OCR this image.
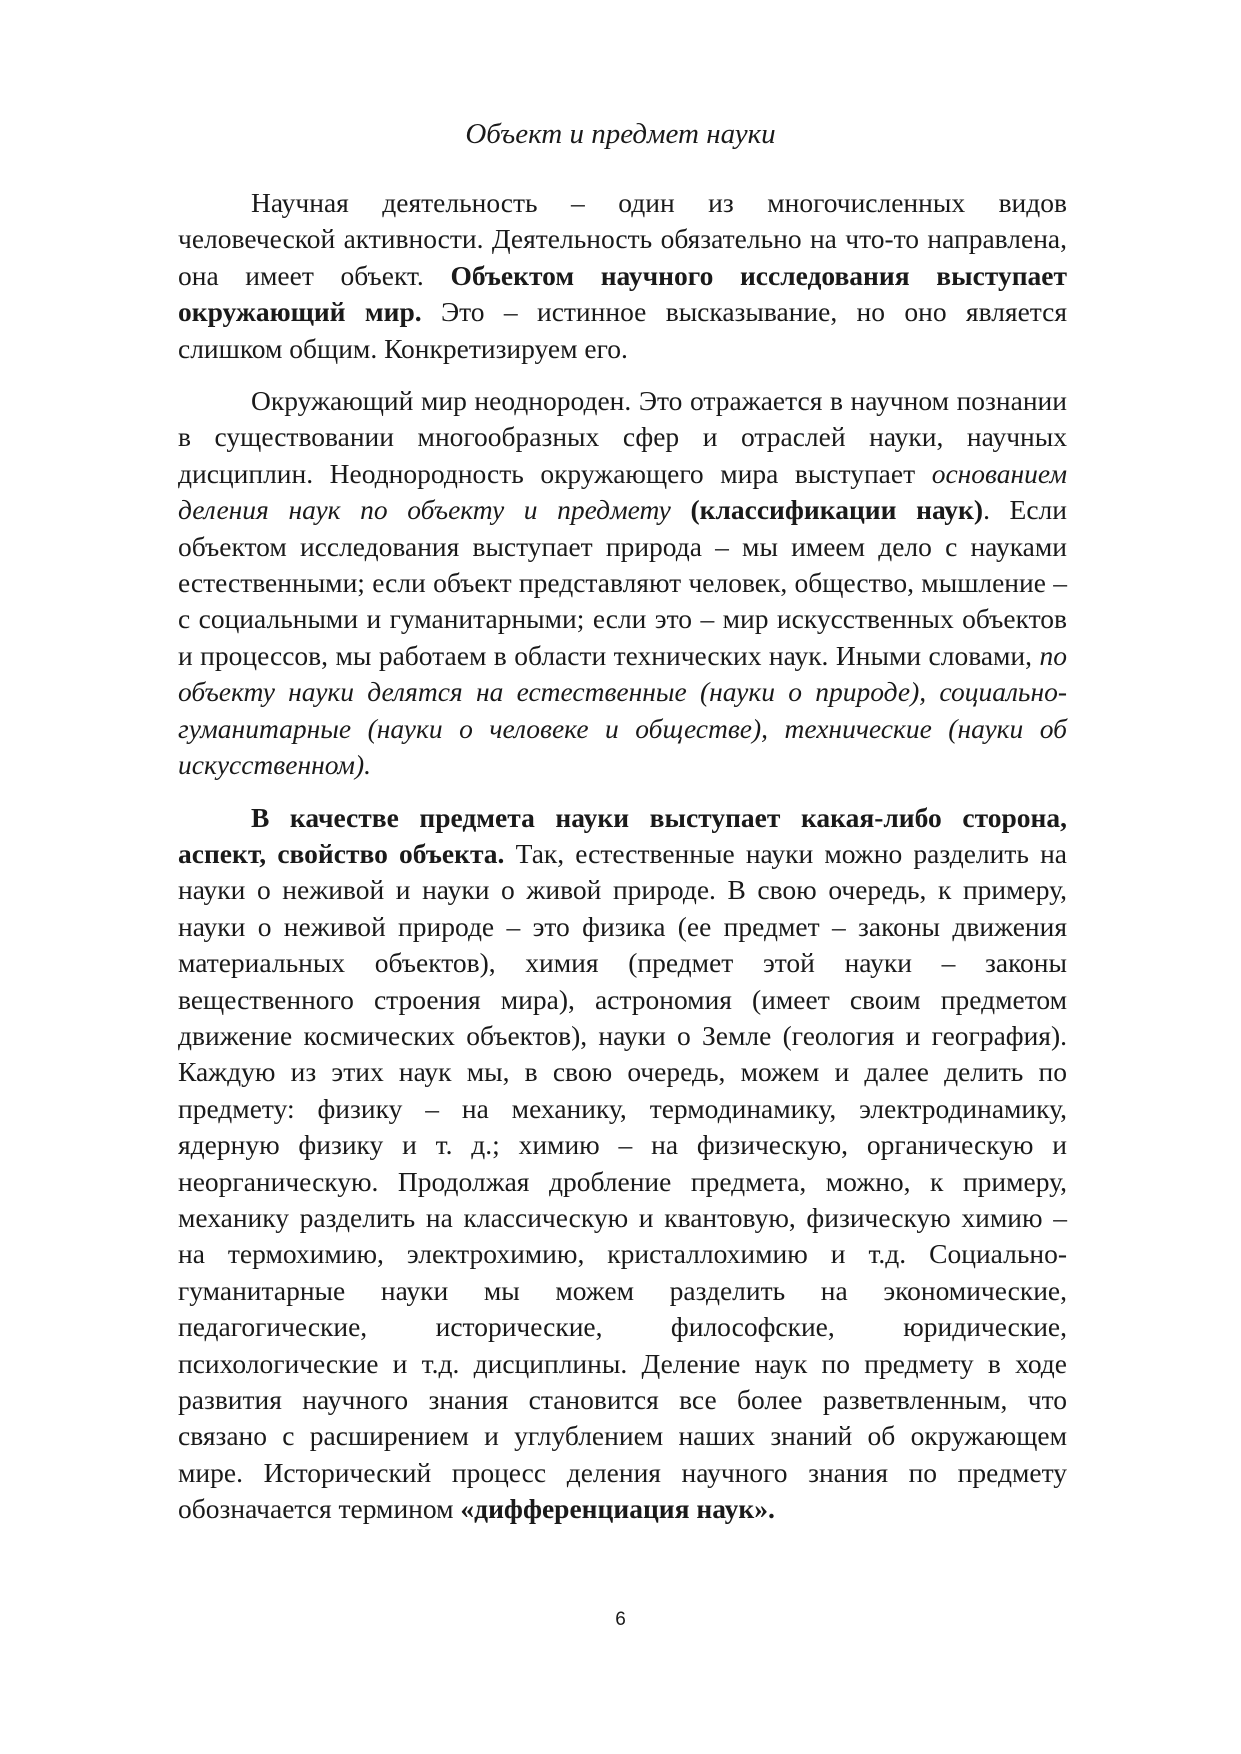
Объект и предмет науки

Научная деятельность – один из многочисленных видов человеческой активности. Деятельность обязательно на что-то направлена, она имеет объект. Объектом научного исследования выступает окружающий мир. Это – истинное высказывание, но оно является слишком общим. Конкретизируем его.

Окружающий мир неоднороден. Это отражается в научном познании в существовании многообразных сфер и отраслей науки, научных дисциплин. Неоднородность окружающего мира выступает основанием деления наук по объекту и предмету (классификации наук). Если объектом исследования выступает природа – мы имеем дело с науками естественными; если объект представляют человек, общество, мышление – с социальными и гуманитарными; если это – мир искусственных объектов и процессов, мы работаем в области технических наук. Иными словами, по объекту науки делятся на естественные (науки о природе), социально-гуманитарные (науки о человеке и обществе), технические (науки об искусственном).

В качестве предмета науки выступает какая-либо сторона, аспект, свойство объекта. Так, естественные науки можно разделить на науки о неживой и науки о живой природе. В свою очередь, к примеру, науки о неживой природе – это физика (ее предмет – законы движения материальных объектов), химия (предмет этой науки – законы вещественного строения мира), астрономия (имеет своим предметом движение космических объектов), науки о Земле (геология и география). Каждую из этих наук мы, в свою очередь, можем и далее делить по предмету: физику – на механику, термодинамику, электродинамику, ядерную физику и т. д.; химию – на физическую, органическую и неорганическую. Продолжая дробление предмета, можно, к примеру, механику разделить на классическую и квантовую, физическую химию – на термохимию, электрохимию, кристаллохимию и т.д. Социально-гуманитарные науки мы можем разделить на экономические, педагогические, исторические, философские, юридические, психологические и т.д. дисциплины. Деление наук по предмету в ходе развития научного знания становится все более разветвленным, что связано с расширением и углублением наших знаний об окружающем мире. Исторический процесс деления научного знания по предмету обозначается термином «дифференциация наук».

6
